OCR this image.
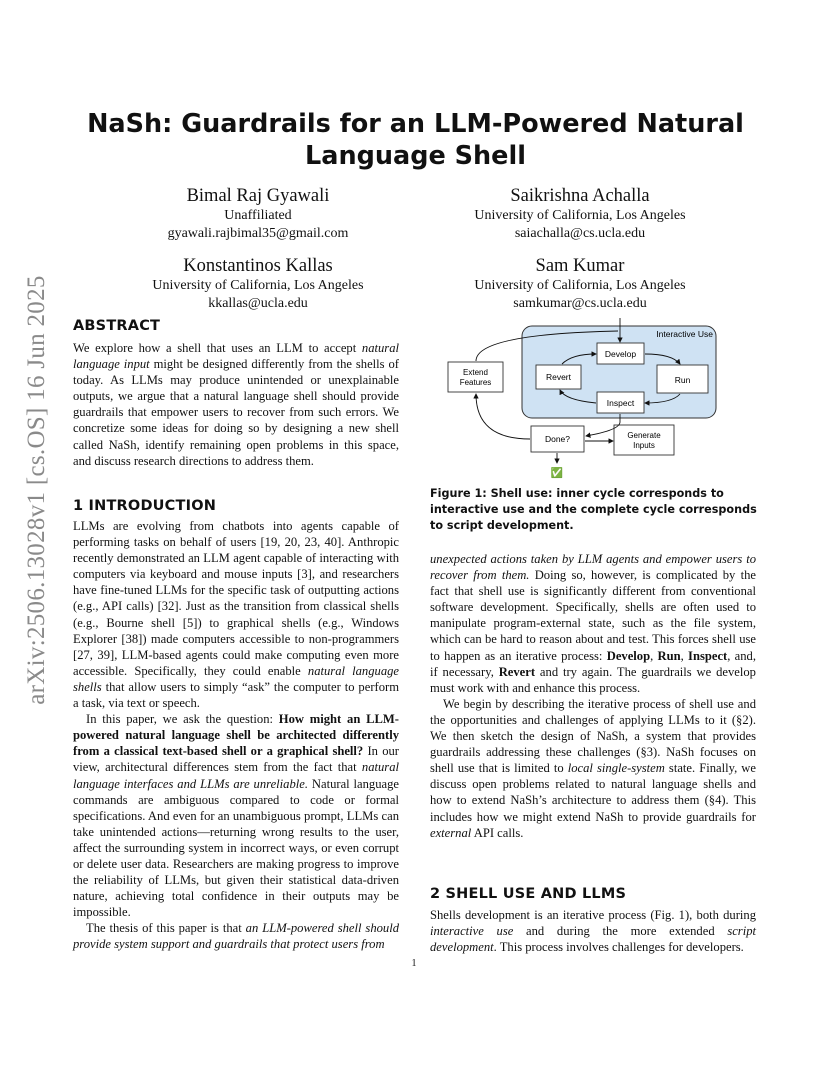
arXiv:2506.13028v1 [cs.OS] 16 Jun 2025
NaSh: Guardrails for an LLM-Powered Natural
Language Shell
Bimal Raj Gyawali
Unaffiliated
gyawali.rajbimal35@gmail.com
Saikrishna Achalla
University of California, Los Angeles
saiachalla@cs.ucla.edu
Konstantinos Kallas
University of California, Los Angeles
kkallas@ucla.edu
Sam Kumar
University of California, Los Angeles
samkumar@cs.ucla.edu
ABSTRACT

We explore how a shell that uses an LLM to accept natural language input might be designed differently from the shells of today. As LLMs may produce unintended or unexplainable outputs, we argue that a natural language shell should provide guardrails that empower users to recover from such errors. We concretize some ideas for doing so by designing a new shell called NaSh, identify remaining open problems in this space, and discuss research directions to address them.

1 INTRODUCTION

LLMs are evolving from chatbots into agents capable of performing tasks on behalf of users [19, 20, 23, 40]. Anthropic recently demonstrated an LLM agent capable of interacting with computers via keyboard and mouse inputs [3], and researchers have fine-tuned LLMs for the specific task of outputting actions (e.g., API calls) [32]. Just as the transition from classical shells (e.g., Bourne shell [5]) to graphical shells (e.g., Windows Explorer [38]) made computers accessible to non-programmers [27, 39], LLM-based agents could make computing even more accessible. Specifically, they could enable natural language shells that allow users to simply “ask” the computer to perform a task, via text or speech.

In this paper, we ask the question: How might an LLM-powered natural language shell be architected differently from a classical text-based shell or a graphical shell? In our view, architectural differences stem from the fact that natural language interfaces and LLMs are unreliable. Natural language commands are ambiguous compared to code or formal specifications. And even for an unambiguous prompt, LLMs can take unintended actions—returning wrong results to the user, affect the surrounding system in incorrect ways, or even corrupt or delete user data. Researchers are making progress to improve the reliability of LLMs, but given their statistical data-driven nature, achieving total confidence in their outputs may be impossible.

The thesis of this paper is that an LLM-powered shell should provide system support and guardrails that protect users from

Interactive Use
Develop
Revert	Run
Inspect
Extend
Features
Done?	Generate
Inputs
✅
Figure 1: Shell use: inner cycle corresponds to interactive use and the complete cycle corresponds to script development.

unexpected actions taken by LLM agents and empower users to recover from them. Doing so, however, is complicated by the fact that shell use is significantly different from conventional software development. Specifically, shells are often used to manipulate program-external state, such as the file system, which can be hard to reason about and test. This forces shell use to happen as an iterative process: Develop, Run, Inspect, and, if necessary, Revert and try again. The guardrails we develop must work with and enhance this process.

We begin by describing the iterative process of shell use and the opportunities and challenges of applying LLMs to it (§2). We then sketch the design of NaSh, a system that provides guardrails addressing these challenges (§3). NaSh focuses on shell use that is limited to local single-system state. Finally, we discuss open problems related to natural language shells and how to extend NaSh’s architecture to address them (§4). This includes how we might extend NaSh to provide guardrails for external API calls.

2 SHELL USE AND LLMS

Shells development is an iterative process (Fig. 1), both during interactive use and during the more extended script development. This process involves challenges for developers.

1
